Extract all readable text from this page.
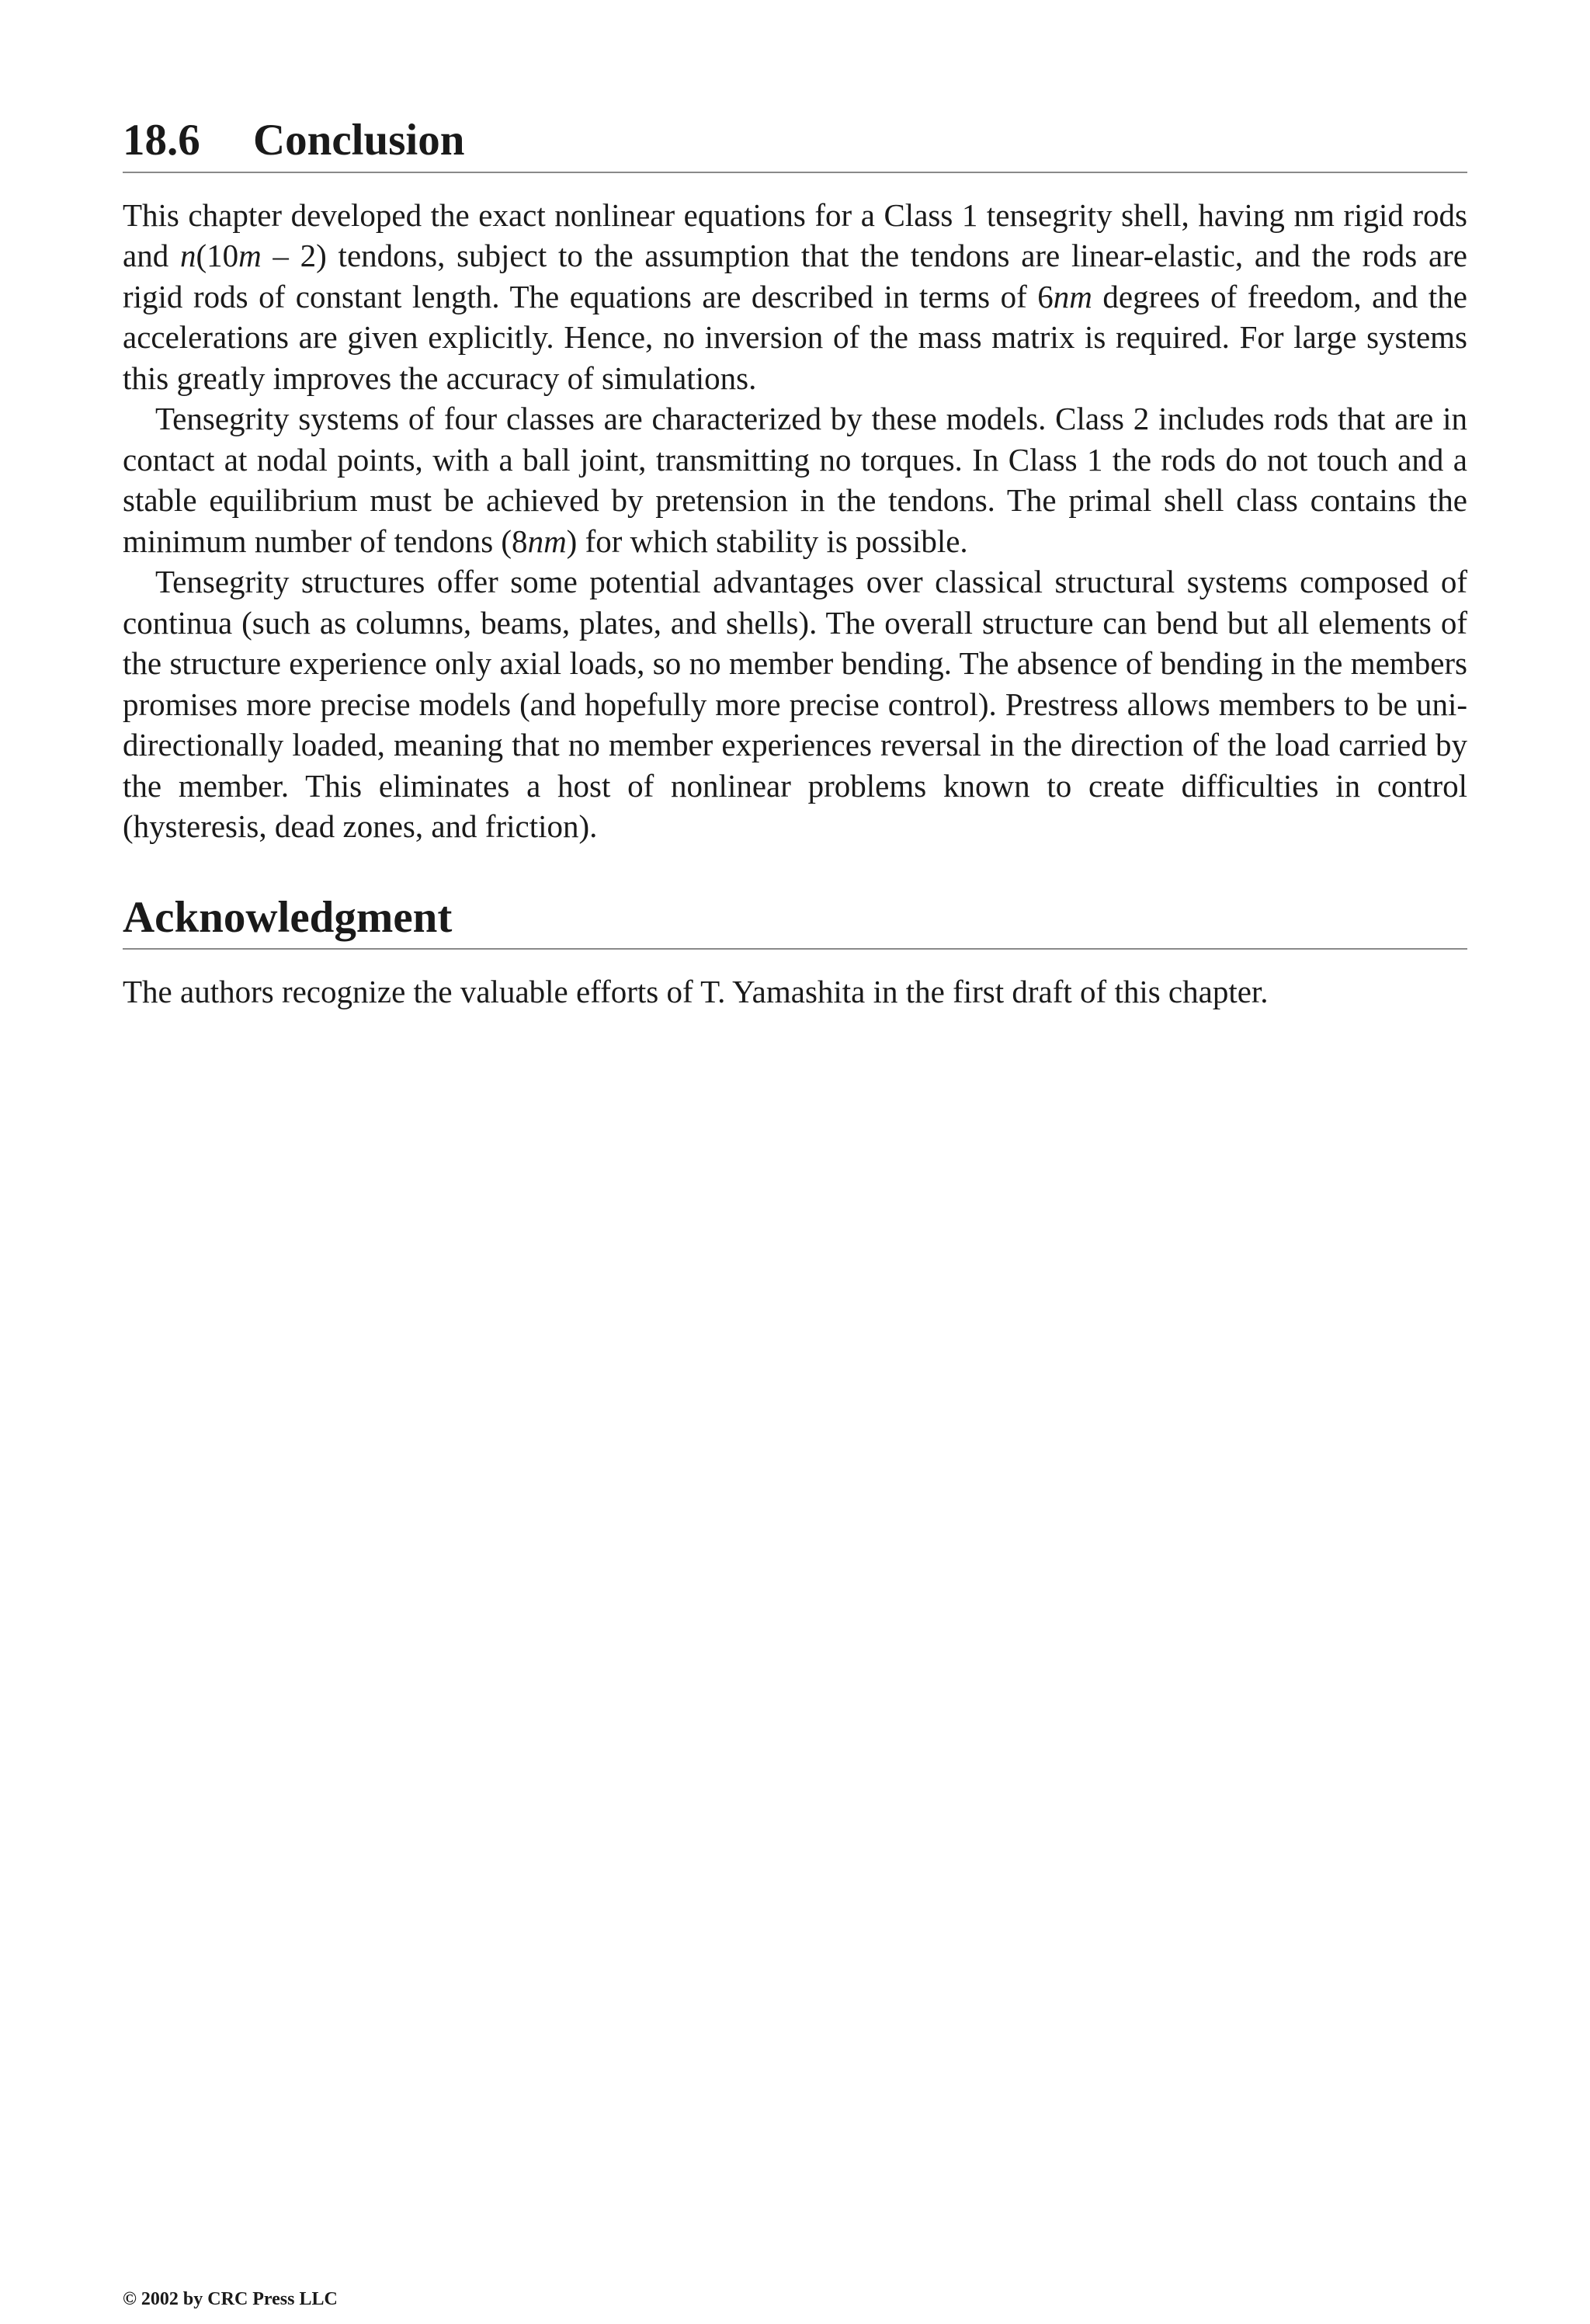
18.6 Conclusion

This chapter developed the exact nonlinear equations for a Class 1 tensegrity shell, having nm rigid rods and n(10m – 2) tendons, subject to the assumption that the tendons are linear-elastic, and the rods are rigid rods of constant length. The equations are described in terms of 6nm degrees of freedom, and the accelerations are given explicitly. Hence, no inversion of the mass matrix is required. For large systems this greatly improves the accuracy of simulations.

Tensegrity systems of four classes are characterized by these models. Class 2 includes rods that are in contact at nodal points, with a ball joint, transmitting no torques. In Class 1 the rods do not touch and a stable equilibrium must be achieved by pretension in the tendons. The primal shell class contains the minimum number of tendons (8nm) for which stability is possible.

Tensegrity structures offer some potential advantages over classical structural systems composed of continua (such as columns, beams, plates, and shells). The overall structure can bend but all elements of the structure experience only axial loads, so no member bending. The absence of bending in the members promises more precise models (and hopefully more precise control). Prestress allows members to be uni-directionally loaded, meaning that no member experiences reversal in the direction of the load carried by the member. This eliminates a host of nonlinear problems known to create difficulties in control (hysteresis, dead zones, and friction).

Acknowledgment

The authors recognize the valuable efforts of T. Yamashita in the first draft of this chapter.

© 2002 by CRC Press LLC
